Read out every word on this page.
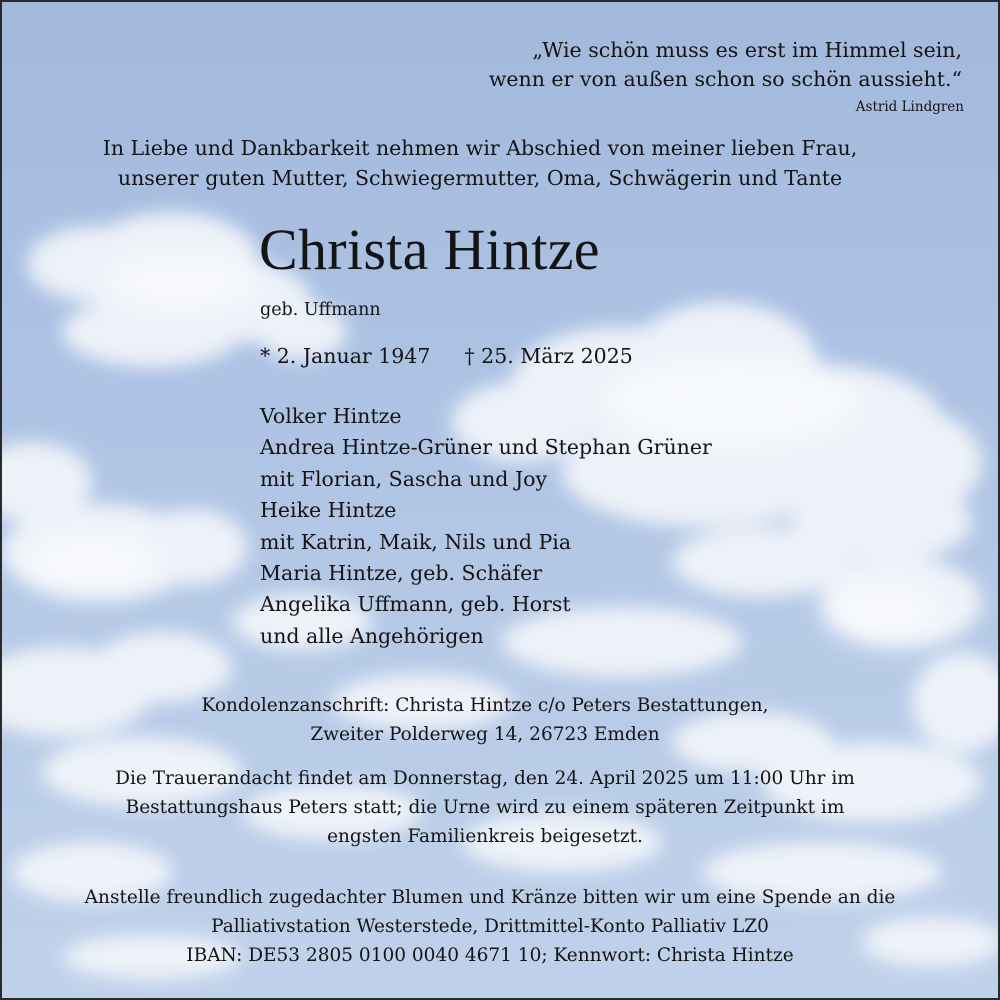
„Wie schön muss es erst im Himmel sein,
wenn er von außen schon so schön aussieht.“
Astrid Lindgren
In Liebe und Dankbarkeit nehmen wir Abschied von meiner lieben Frau,
unserer guten Mutter, Schwiegermutter, Oma, Schwägerin und Tante
Christa Hintze
geb. Uffmann
* 2. Januar 1947 † 25. März 2025
Volker Hintze
Andrea Hintze-Grüner und Stephan Grüner
mit Florian, Sascha und Joy
Heike Hintze
mit Katrin, Maik, Nils und Pia
Maria Hintze, geb. Schäfer
Angelika Uffmann, geb. Horst
und alle Angehörigen
Kondolenzanschrift: Christa Hintze c/o Peters Bestattungen,
Zweiter Polderweg 14, 26723 Emden
Die Trauerandacht findet am Donnerstag, den 24. April 2025 um 11:00 Uhr im
Bestattungshaus Peters statt; die Urne wird zu einem späteren Zeitpunkt im
engsten Familienkreis beigesetzt.
Anstelle freundlich zugedachter Blumen und Kränze bitten wir um eine Spende an die
Palliativstation Westerstede, Drittmittel-Konto Palliativ LZ0
IBAN: DE53 2805 0100 0040 4671 10; Kennwort: Christa Hintze
